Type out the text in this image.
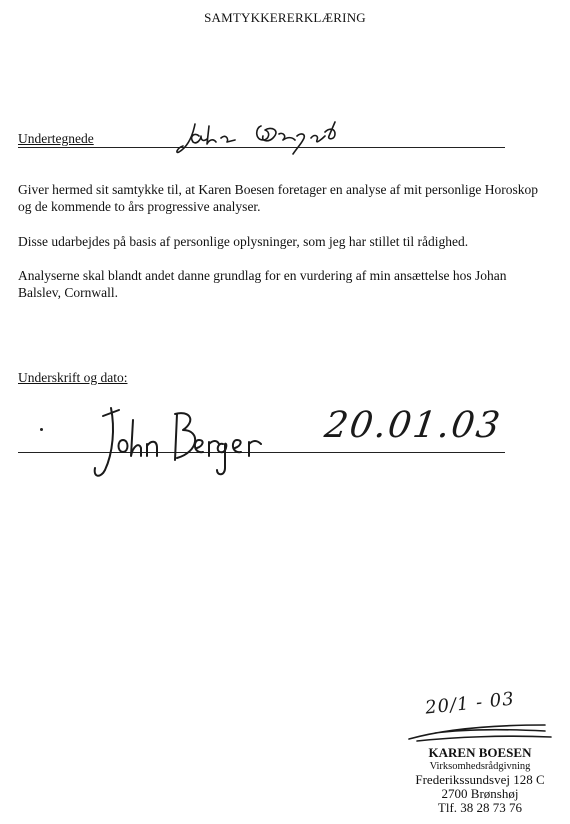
SAMTYKKERERKLÆRING
Undertegnede
Giver hermed sit samtykke til, at Karen Boesen foretager en analyse af mit personlige Horoskop og de kommende to års progressive analyser.
Disse udarbejdes på basis af personlige oplysninger, som jeg har stillet til rådighed.
Analyserne skal blandt andet danne grundlag for en vurdering af min ansættelse hos Johan Balslev, Cornwall.
Underskrift og dato:
20.01.03
20/1 - 03
KAREN BOESEN
Virksomhedsrådgivning
Frederikssundsvej 128 C
2700 Brønshøj
Tlf. 38 28 73 76
